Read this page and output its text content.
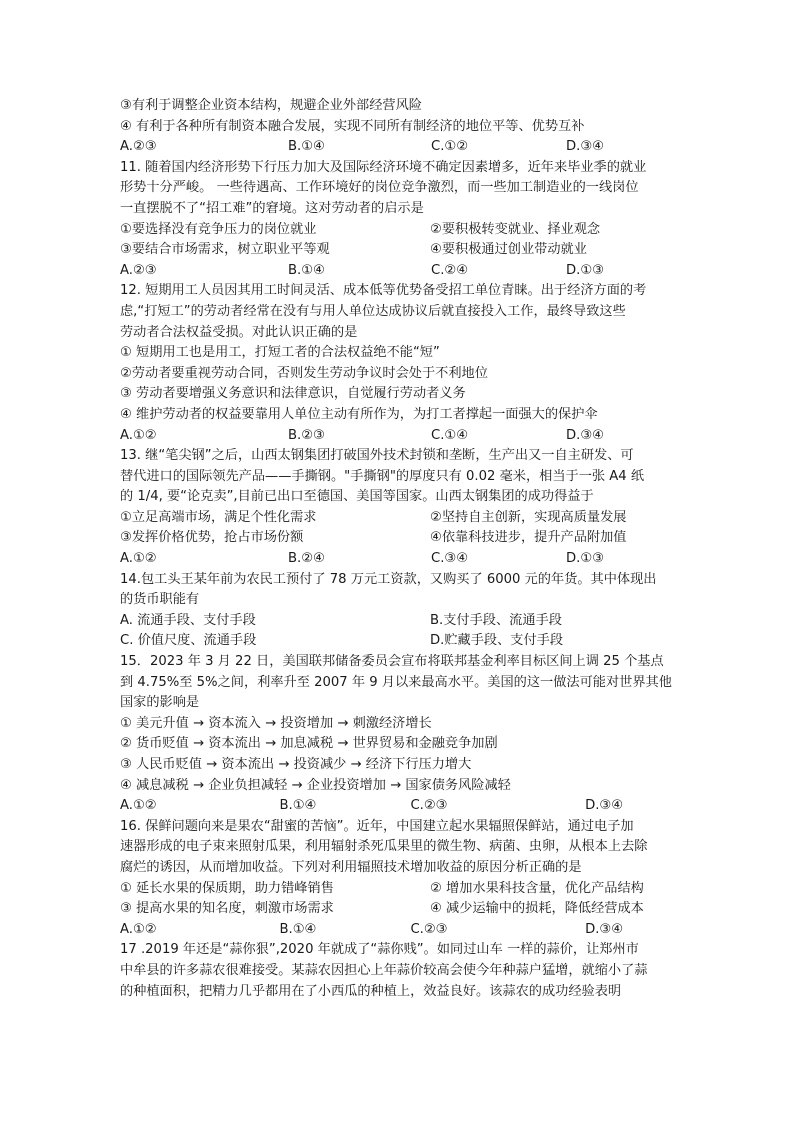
③有利于调整企业资本结构，规避企业外部经营风险
④ 有利于各种所有制资本融合发展，实现不同所有制经济的地位平等、优势互补
A.②③	B.①④	C.①②	D.③④
11. 随着国内经济形势下行压力加大及国际经济环境不确定因素增多，近年来毕业季的就业
形势十分严峻。 一些待遇高、工作环境好的岗位竞争激烈，而一些加工制造业的一线岗位
一直摆脱不了“招工难”的窘境。这对劳动者的启示是
①要选择没有竞争压力的岗位就业	②要积极转变就业、择业观念
③要结合市场需求，树立职业平等观	④要积极通过创业带动就业
A.②③	B.①④	C.②④	D.①③
12. 短期用工人员因其用工时间灵活、成本低等优势备受招工单位青睐。出于经济方面的考
虑,“打短工”的劳动者经常在没有与用人单位达成协议后就直接投入工作，最终导致这些
劳动者合法权益受损。对此认识正确的是
① 短期用工也是用工，打短工者的合法权益绝不能“短”
②劳动者要重视劳动合同，否则发生劳动争议时会处于不利地位
③ 劳动者要增强义务意识和法律意识，自觉履行劳动者义务
④ 维护劳动者的权益要靠用人单位主动有所作为，为打工者撑起一面强大的保护伞
A.①②	B.②③	C.①④	D.③④
13. 继“笔尖钢”之后，山西太钢集团打破国外技术封锁和垄断，生产出又一自主研发、可
替代进口的国际领先产品——手撕钢。"手撕钢"的厚度只有 0.02 毫米，相当于一张 A4 纸
的 1/4, 要“论克卖”,目前已出口至德国、美国等国家。山西太钢集团的成功得益于
①立足高端市场，满足个性化需求	②坚持自主创新，实现高质量发展
③发挥价格优势，抢占市场份额	④依靠科技进步，提升产品附加值
A.①②	B.②④	C.③④	D.①③
14.包工头王某年前为农民工预付了 78 万元工资款，又购买了 6000 元的年货。其中体现出
的货币职能有
A. 流通手段、支付手段	B.支付手段、流通手段
C. 价值尺度、流通手段	D.贮藏手段、支付手段
15．2023 年 3 月 22 日，美国联邦储备委员会宣布将联邦基金利率目标区间上调 25 个基点
到 4.75%至 5%之间，利率升至 2007 年 9 月以来最高水平。美国的这一做法可能对世界其他
国家的影响是
① 美元升值 → 资本流入 → 投资增加 → 刺激经济增长
② 货币贬值 → 资本流出 → 加息减税 → 世界贸易和金融竞争加剧
③ 人民币贬值 → 资本流出 → 投资减少 → 经济下行压力增大
④ 减息减税 → 企业负担减轻 → 企业投资增加 → 国家债务风险减轻
A.①②	B.①④	C.②③	D.③④
16. 保鲜问题向来是果农“甜蜜的苦恼”。近年，中国建立起水果辐照保鲜站，通过电子加
速器形成的电子束来照射瓜果，利用辐射杀死瓜果里的微生物、病菌、虫卵，从根本上去除
腐烂的诱因，从而增加收益。下列对利用辐照技术增加收益的原因分析正确的是
① 延长水果的保质期，助力错峰销售	② 增加水果科技含量，优化产品结构
③ 提高水果的知名度，刺激市场需求	④ 减少运输中的损耗，降低经营成本
A.①②	B.①④	C.②③	D.③④
17 .2019 年还是“蒜你狠”,2020 年就成了“蒜你贱”。如同过山车 一样的蒜价，让郑州市
中牟县的许多蒜农很难接受。某蒜农因担心上年蒜价较高会使今年种蒜户猛增，就缩小了蒜
的种植面积，把精力几乎都用在了小西瓜的种植上，效益良好。该蒜农的成功经验表明
